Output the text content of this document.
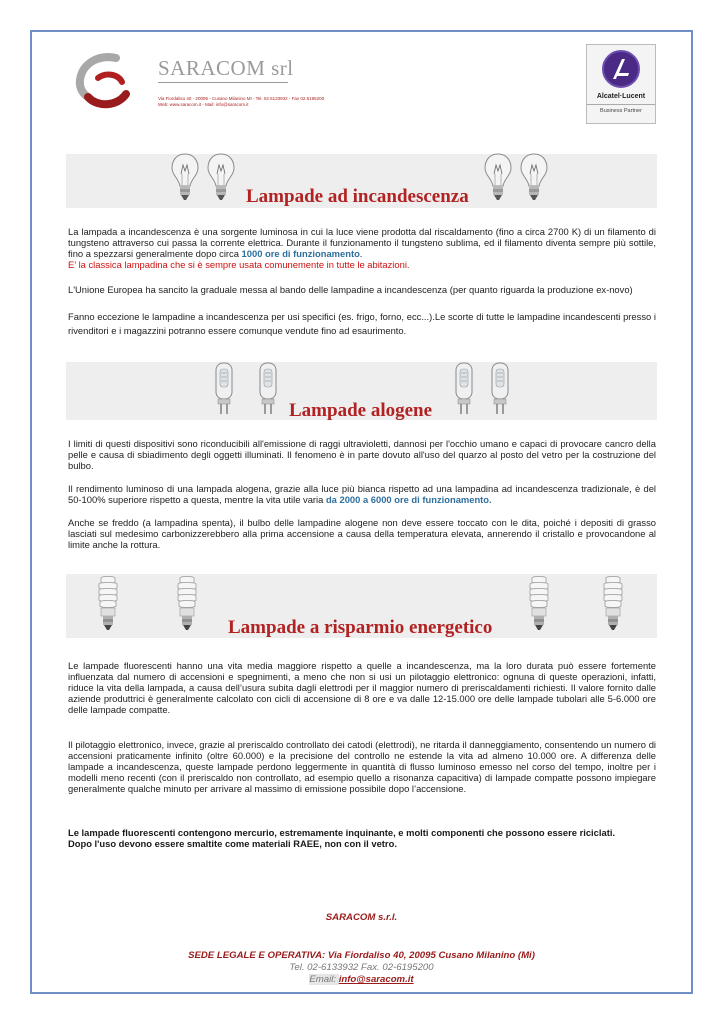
SARACOM srl
Via Fiordaliso 40 - 20095 - Cusano Milanino MI - Tel. 02.6133932 - Fax 02.6195200
Web: www.saracom.it - Mail: info@saracom.it
Alcatel·Lucent
Business Partner
Lampade ad incandescenza
La lampada a incandescenza è una sorgente luminosa in cui la luce viene prodotta dal riscaldamento (fino a circa 2700 K) di un filamento di tungsteno attraverso cui passa la corrente elettrica. Durante il funzionamento il tungsteno sublima, ed il filamento diventa sempre più sottile, fino a spezzarsi generalmente dopo circa 1000 ore di funzionamento.
E’ la classica lampadina che si è sempre usata comunemente in tutte le abitazioni.
L'Unione Europea ha sancito la graduale messa al bando delle lampadine a incandescenza (per quanto riguarda la produzione ex-novo)
Fanno eccezione le lampadine a incandescenza per usi specifici (es. frigo, forno, ecc...).Le scorte di tutte le lampadine incandescenti presso i rivenditori e i magazzini potranno essere comunque vendute fino ad esaurimento.
Lampade alogene
I limiti di questi dispositivi sono riconducibili all'emissione di raggi ultravioletti, dannosi per l'occhio umano e capaci di provocare cancro della pelle e causa di sbiadimento degli oggetti illuminati. Il fenomeno è in parte dovuto all'uso del quarzo al posto del vetro per la costruzione del bulbo.
Il rendimento luminoso di una lampada alogena, grazie alla luce più bianca rispetto ad una lampadina ad incandescenza tradizionale, è del 50-100% superiore rispetto a questa, mentre la vita utile varia da 2000 a 6000 ore di funzionamento.
Anche se freddo (a lampadina spenta), il bulbo delle lampadine alogene non deve essere toccato con le dita, poiché i depositi di grasso lasciati sul medesimo carbonizzerebbero alla prima accensione a causa della temperatura elevata, annerendo il cristallo e provocandone al limite anche la rottura.
Lampade a risparmio energetico
Le lampade fluorescenti hanno una vita media maggiore rispetto a quelle a incandescenza, ma la loro durata può essere fortemente influenzata dal numero di accensioni e spegnimenti, a meno che non si usi un pilotaggio elettronico: ognuna di queste operazioni, infatti, riduce la vita della lampada, a causa dell’usura subita dagli elettrodi per il maggior numero di preriscaldamenti richiesti. Il valore fornito dalle aziende produttrici è generalmente calcolato con cicli di accensione di 8 ore e va dalle 12-15.000 ore delle lampade tubolari alle 5-6.000 ore delle lampade compatte.
Il pilotaggio elettronico, invece, grazie al preriscaldo controllato dei catodi (elettrodi), ne ritarda il danneggiamento, consentendo un numero di accensioni praticamente infinito (oltre 60.000) e la precisione del controllo ne estende la vita ad almeno 10.000 ore. A differenza delle lampade a incandescenza, queste lampade perdono leggermente in quantità di flusso luminoso emesso nel corso del tempo, inoltre per i modelli meno recenti (con il preriscaldo non controllato, ad esempio quello a risonanza capacitiva) di lampade compatte possono impiegare generalmente qualche minuto per arrivare al massimo di emissione possibile dopo l’accensione.
Le lampade fluorescenti contengono mercurio, estremamente inquinante, e molti componenti che possono essere riciclati.
Dopo l'uso devono essere smaltite come materiali RAEE, non con il vetro.
SARACOM s.r.l.
SEDE LEGALE E OPERATIVA: Via Fiordaliso 40, 20095 Cusano Milanino (Mi)
Tel. 02-6133932 Fax. 02-6195200
Email: info@saracom.it
